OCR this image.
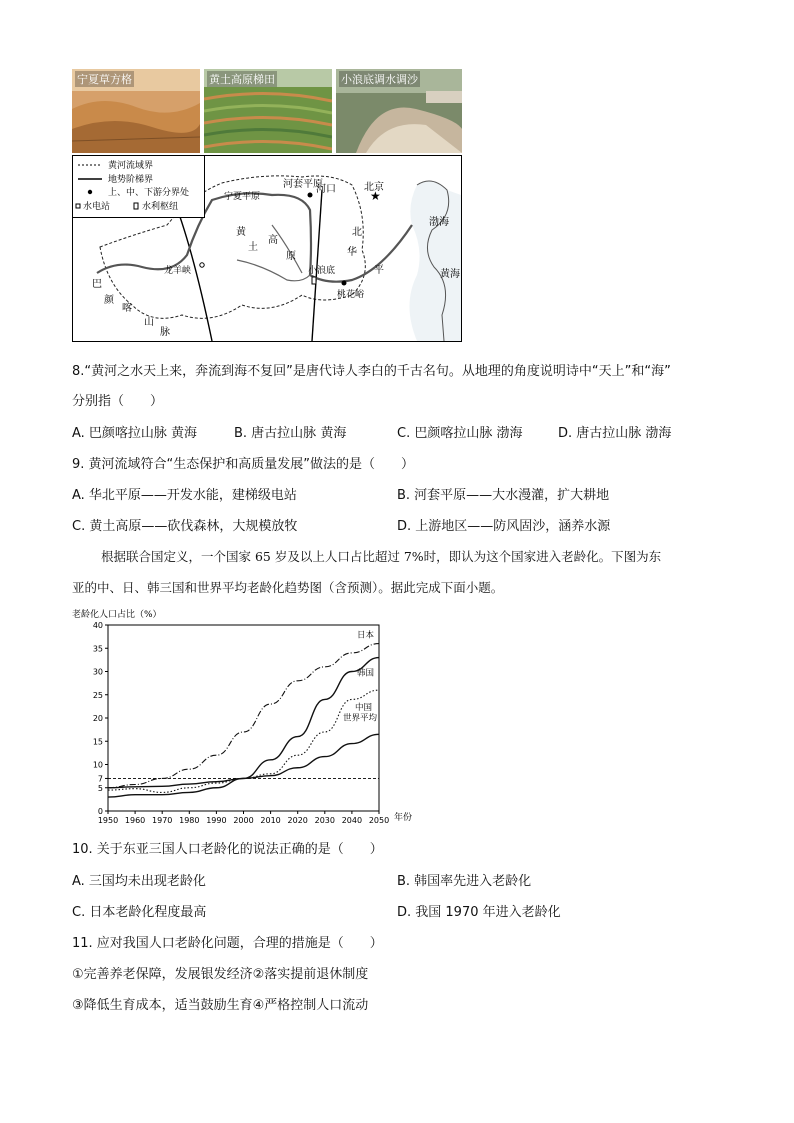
宁夏草方格	黄土高原梯田	小浪底调水调沙
★
黄河流域界
地势阶梯界
上、中、下游分界处
水电站	水利枢纽
河套平原
宁夏平原
河口	北京
渤海
黄海
北
平
华
小浪底
桃花峪
龙羊峡
巴
颜
喀
山
脉
土
高
原
黄
8.“黄河之水天上来，奔流到海不复回”是唐代诗人李白的千古名句。从地理的角度说明诗中“天上”和“海”
分别指（　　）
A. 巴颜喀拉山脉 黄海	B. 唐古拉山脉 黄海	C. 巴颜喀拉山脉 渤海	D. 唐古拉山脉 渤海
9. 黄河流域符合“生态保护和高质量发展”做法的是（　　）
A. 华北平原——开发水能，建梯级电站	B. 河套平原——大水漫灌，扩大耕地
C. 黄土高原——砍伐森林，大规模放牧	D. 上游地区——防风固沙，涵养水源
根据联合国定义，一个国家 65 岁及以上人口占比超过 7%时，即认为这个国家进入老龄化。下图为东
亚的中、日、韩三国和世界平均老龄化趋势图（含预测）。据此完成下面小题。
老龄化人口占比（%）
年份
1950 1960 1970 1980 1990 2000 2010 2020 2030 2040 2050
0
5
7
10
15
20
25
30
35
40
日本
韩国
中国
世界平均
10. 关于东亚三国人口老龄化的说法正确的是（　　）
A. 三国均未出现老龄化	B. 韩国率先进入老龄化
C. 日本老龄化程度最高	D. 我国 1970 年进入老龄化
11. 应对我国人口老龄化问题，合理的措施是（　　）
①完善养老保障，发展银发经济②落实提前退休制度
③降低生育成本，适当鼓励生育④严格控制人口流动
